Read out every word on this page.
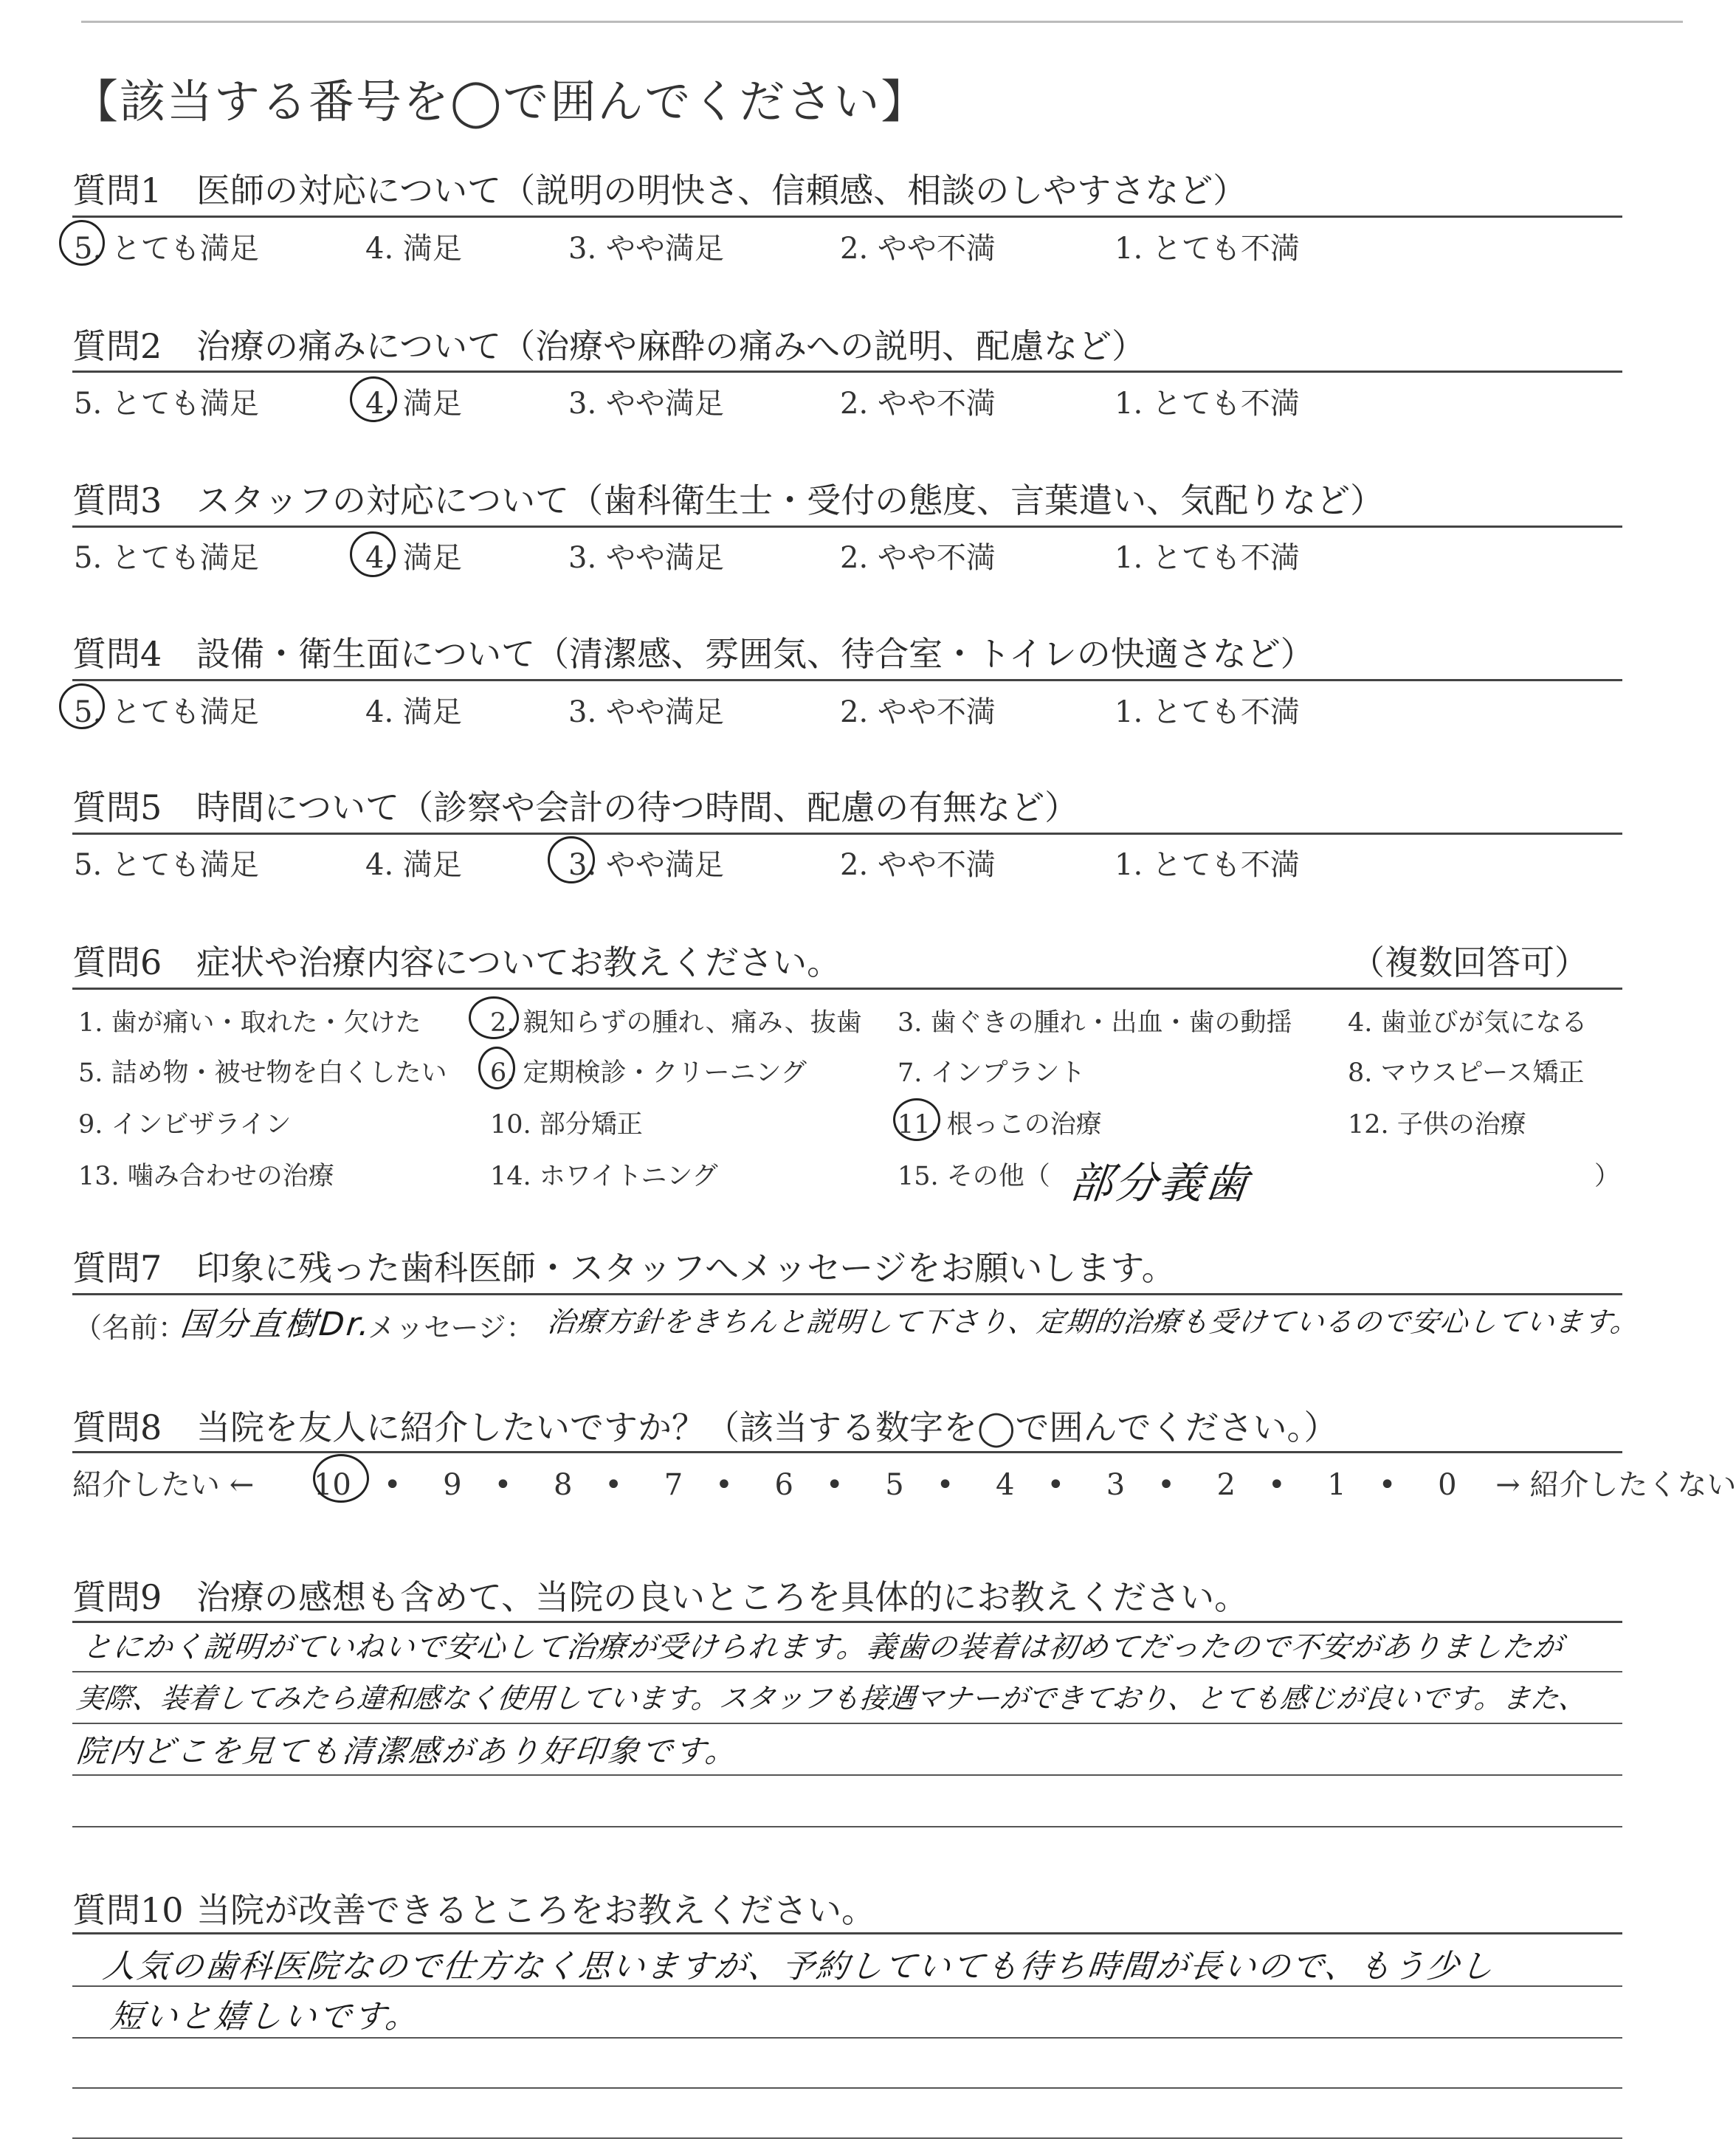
【該当する番号を◯で囲んでください】
質問1 医師の対応について（説明の明快さ、信頼感、相談のしやすさなど）
5. とても満足	4. 満足	3. やや満足	2. やや不満	1. とても不満
質問2 治療の痛みについて（治療や麻酔の痛みへの説明、配慮など）
5. とても満足	4. 満足	3. やや満足	2. やや不満	1. とても不満
質問3 スタッフの対応について（歯科衛生士・受付の態度、言葉遣い、気配りなど）
5. とても満足	4. 満足	3. やや満足	2. やや不満	1. とても不満
質問4 設備・衛生面について（清潔感、雰囲気、待合室・トイレの快適さなど）
5. とても満足	4. 満足	3. やや満足	2. やや不満	1. とても不満
質問5 時間について（診察や会計の待つ時間、配慮の有無など）
5. とても満足	4. 満足	3. やや満足	2. やや不満	1. とても不満
質問6 症状や治療内容についてお教えください。	（複数回答可）
1. 歯が痛い・取れた・欠けた	2. 親知らずの腫れ、痛み、抜歯 3. 歯ぐきの腫れ・出血・歯の動揺 4. 歯並びが気になる
5. 詰め物・被せ物を白くしたい 6. 定期検診・クリーニング	7. インプラント	8. マウスピース矯正
9. インビザライン	10. 部分矯正	11. 根っこの治療	12. 子供の治療
13. 噛み合わせの治療	14. ホワイトニング	15. その他（ 部分義歯	）
質問7 印象に残った歯科医師・スタッフへメッセージをお願いします。
（名前：
国分直樹Dr.
メッセージ： 治療方針をきちんと説明して下さり、定期的治療も受けているので安心しています。
質問8 当院を友人に紹介したいですか？（該当する数字を◯で囲んでください。）
紹介したい ← 10 • 9 • 8 • 7 • 6 • 5 • 4 • 3 • 2 • 1 • 0 → 紹介したくない
質問9 治療の感想も含めて、当院の良いところを具体的にお教えください。
とにかく説明がていねいで安心して治療が受けられます。義歯の装着は初めてだったので不安がありましたが
実際、装着してみたら違和感なく使用しています。スタッフも接遇マナーができており、とても感じが良いです。また、
院内どこを見ても清潔感があり好印象です。
質問10 当院が改善できるところをお教えください。
人気の歯科医院なので仕方なく思いますが、予約していても待ち時間が長いので、もう少し
短いと嬉しいです。
